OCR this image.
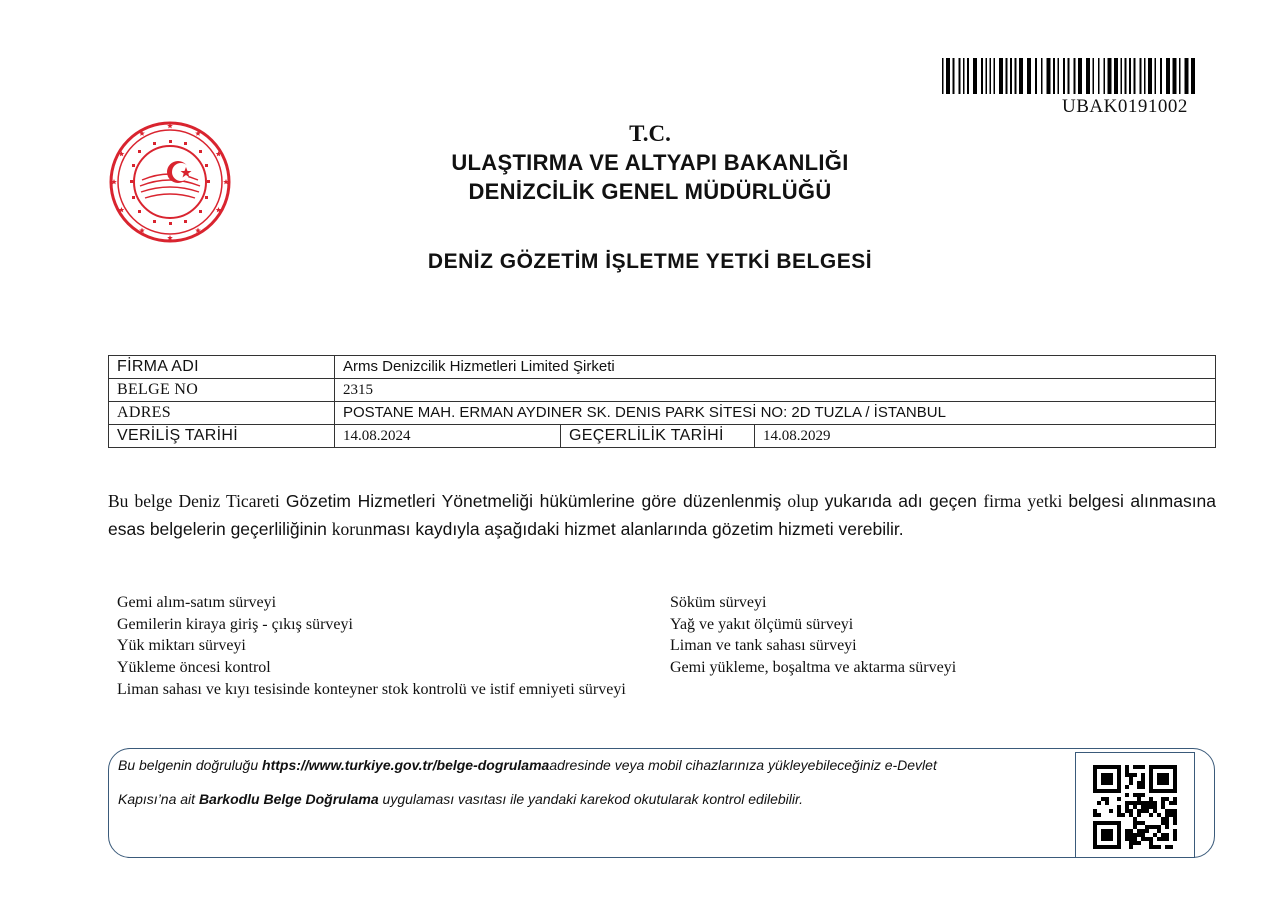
UBAK0191002
T.C.
ULAŞTIRMA VE ALTYAPI BAKANLIĞI
DENİZCİLİK GENEL MÜDÜRLÜĞÜ
DENİZ GÖZETİM İŞLETME YETKİ BELGESİ
FİRMA ADI	Arms Denizcilik Hizmetleri Limited Şirketi		
BELGE NO	2315		
ADRES	POSTANE MAH. ERMAN AYDINER SK. DENIS PARK SİTESİ NO: 2D TUZLA / İSTANBUL		
VERİLİŞ TARİHİ	14.08.2024	GEÇERLİLİK TARİHİ	14.08.2029
Bu belge Deniz Ticareti Gözetim Hizmetleri Yönetmeliği hükümlerine göre düzenlenmiş olup yukarıda adı geçen firma yetki belgesi alınmasına esas belgelerin geçerliliğinin korunması kaydıyla aşağıdaki hizmet alanlarında gözetim hizmeti verebilir.
Gemi alım-satım sürveyi
Gemilerin kiraya giriş - çıkış sürveyi
Yük miktarı sürveyi
Yükleme öncesi kontrol
Liman sahası ve kıyı tesisinde konteyner stok kontrolü ve istif emniyeti sürveyi
Söküm sürveyi
Yağ ve yakıt ölçümü sürveyi
Liman ve tank sahası sürveyi
Gemi yükleme, boşaltma ve aktarma sürveyi
Bu belgenin doğruluğu https://www.turkiye.gov.tr/belge-dogrulamaadresinde veya mobil cihazlarınıza yükleyebileceğiniz e-Devlet
Kapısı’na ait Barkodlu Belge Doğrulama uygulaması vasıtası ile yandaki karekod okutularak kontrol edilebilir.
